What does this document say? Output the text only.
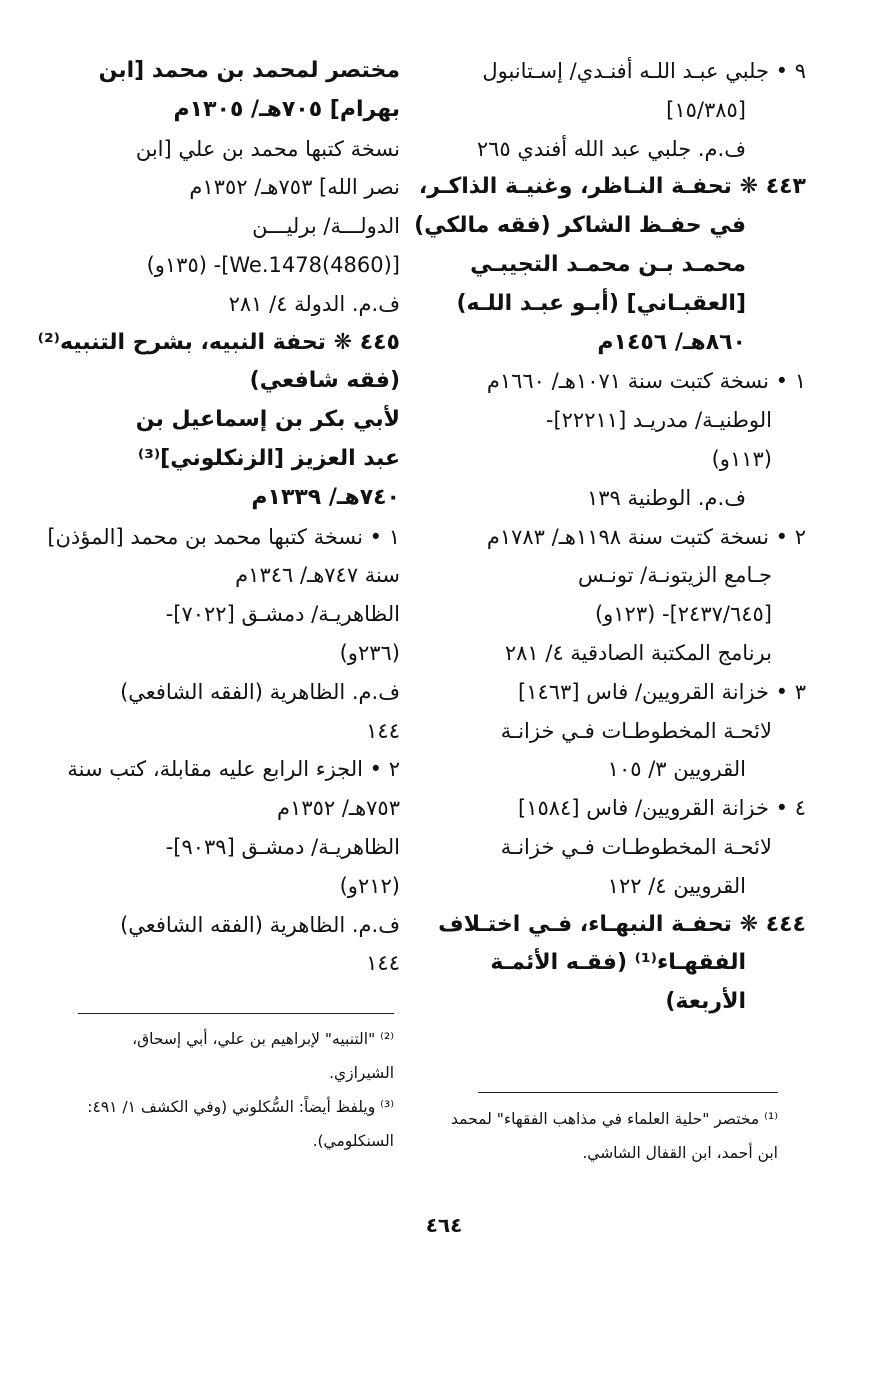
٩ • جلبي عبـد اللـه أفنـدي/ إسـتانبول
[١٥/٣٨٥]
ف.م. جلبي عبد الله أفندي ٢٦٥
٤٤٣ ❋ تحفـة النـاظر، وغنيـة الذاكـر،
في حفـظ الشاكر (فقه مالكي)
محمـد بـن محمـد التجيبـي
[العقبـاني] (أبـو عبـد اللـه)
٨٦٠هـ/ ١٤٥٦م
١ • نسخة كتبت سنة ١٠٧١هـ/ ١٦٦٠م
الوطنيـة/ مدريـد [٢٢٢١١]-
(١١٣و)
ف.م. الوطنية ١٣٩
٢ • نسخة كتبت سنة ١١٩٨هـ/ ١٧٨٣م
جـامع الزيتونـة/ تونـس
[٢٤٣٧/٦٤٥]- (١٢٣و)
برنامج المكتبة الصادقية ٤/ ٢٨١
٣ • خزانة القرويين/ فاس [١٤٦٣]
لائحـة المخطوطـات فـي خزانـة
القرويين ٣/ ١٠٥
٤ • خزانة القرويين/ فاس [١٥٨٤]
لائحـة المخطوطـات فـي خزانـة
القرويين ٤/ ١٢٢
٤٤٤ ❋ تحفـة النبهـاء، فـي اختـلاف
الفقهـاء⁽¹⁾ (فقـه الأئمـة
الأربعة)
مختصر لمحمد بن محمد [ابن
بهرام] ٧٠٥هـ/ ١٣٠٥م
نسخة كتبها محمد بن علي [ابن
نصر الله] ٧٥٣هـ/ ١٣٥٢م
الدولـــة/ برليـــن
[We.1478(4860)]- (١٣٥و)
ف.م. الدولة ٤/ ٢٨١
٤٤٥ ❋ تحفة النبيه، بشرح التنبيه⁽²⁾
(فقه شافعي)
لأبي بكر بن إسماعيل بن
عبد العزيز [الزنكلوني]⁽³⁾
٧٤٠هـ/ ١٣٣٩م
١ • نسخة كتبها محمد بن محمد [المؤذن]
سنة ٧٤٧هـ/ ١٣٤٦م
الظاهريـة/ دمشـق [٧٠٢٢]-
(٢٣٦و)
ف.م. الظاهرية (الفقه الشافعي)
١٤٤
٢ • الجزء الرابع عليه مقابلة، كتب سنة
٧٥٣هـ/ ١٣٥٢م
الظاهريـة/ دمشـق [٩٠٣٩]-
(٢١٢و)
ف.م. الظاهرية (الفقه الشافعي)
١٤٤
⁽²⁾ "التنبيه" لإبراهيم بن علي، أبي إسحاق،
الشيرازي.
⁽³⁾ ويلفظ أيضاً: السُّكلوني (وفي الكشف ١/ ٤٩١:
السنكلومي).
⁽¹⁾ مختصر "حلية العلماء في مذاهب الفقهاء" لمحمد
ابن أحمد، ابن القفال الشاشي.
٤٦٤
